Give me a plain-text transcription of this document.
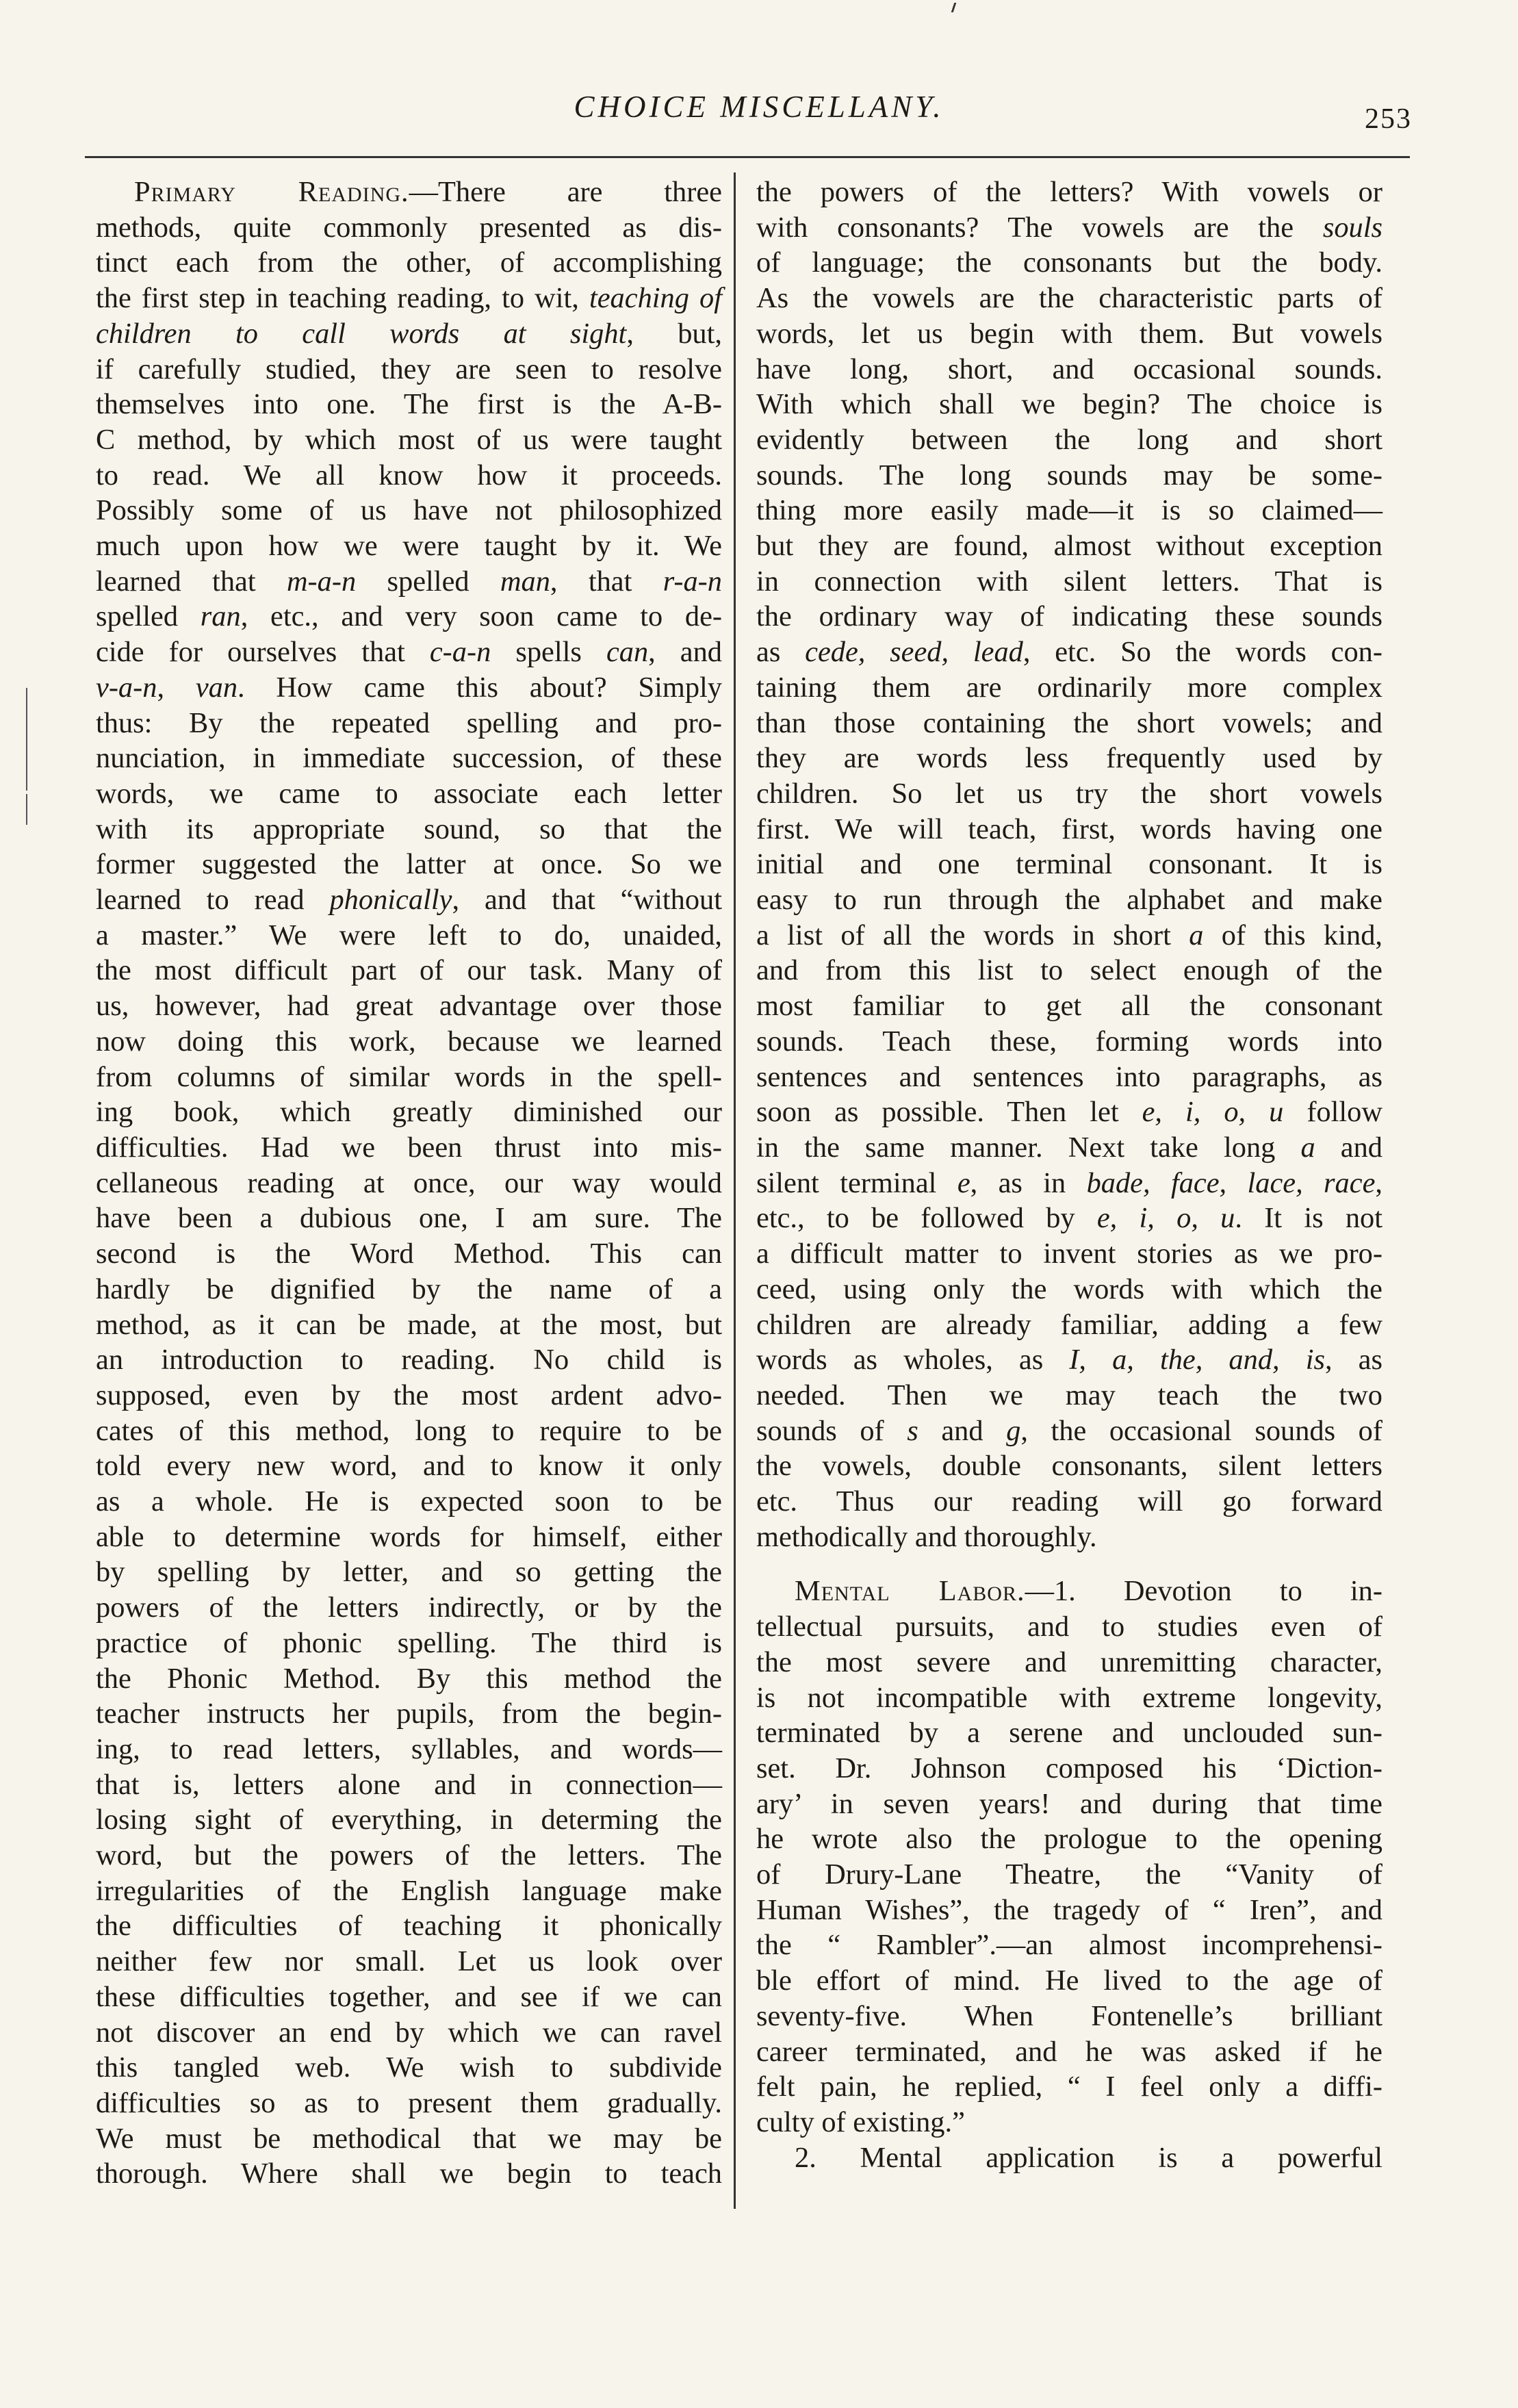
CHOICE MISCELLANY.	253

Primary Reading.—There are three

methods, quite commonly presented as dis-

tinct each from the other, of accomplishing

the first step in teaching reading, to wit, teaching of children to call words at sight, but,

if carefully studied, they are seen to resolve

themselves into one. The first is the A-B-

C method, by which most of us were taught

to read. We all know how it proceeds.

Possibly some of us have not philosophized

much upon how we were taught by it. We

learned that m-a-n spelled man, that r-a-n

spelled ran, etc., and very soon came to de-

cide for ourselves that c-a-n spells can, and

v-a-n, van. How came this about? Simply

thus: By the repeated spelling and pro-

nunciation, in immediate succession, of these

words, we came to associate each letter

with its appropriate sound, so that the

former suggested the latter at once. So we

learned to read phonically, and that “without

a master.” We were left to do, unaided,

the most difficult part of our task. Many of

us, however, had great advantage over those

now doing this work, because we learned

from columns of similar words in the spell-

ing book, which greatly diminished our

difficulties. Had we been thrust into mis-

cellaneous reading at once, our way would

have been a dubious one, I am sure. The

second is the Word Method. This can

hardly be dignified by the name of a

method, as it can be made, at the most, but

an introduction to reading. No child is

supposed, even by the most ardent advo-

cates of this method, long to require to be

told every new word, and to know it only

as a whole. He is expected soon to be

able to determine words for himself, either

by spelling by letter, and so getting the

powers of the letters indirectly, or by the

practice of phonic spelling. The third is

the Phonic Method. By this method the

teacher instructs her pupils, from the begin-

ing, to read letters, syllables, and words—

that is, letters alone and in connection—

losing sight of everything, in determing the

word, but the powers of the letters. The

irregularities of the English language make

the difficulties of teaching it phonically

neither few nor small. Let us look over

these difficulties together, and see if we can

not discover an end by which we can ravel

this tangled web. We wish to subdivide

difficulties so as to present them gradually.

We must be methodical that we may be

thorough. Where shall we begin to teach

the powers of the letters? With vowels or

with consonants? The vowels are the souls

of language; the consonants but the body.

As the vowels are the characteristic parts of

words, let us begin with them. But vowels

have long, short, and occasional sounds.

With which shall we begin? The choice is

evidently between the long and short

sounds. The long sounds may be some-

thing more easily made—it is so claimed—

but they are found, almost without exception

in connection with silent letters. That is

the ordinary way of indicating these sounds

as cede, seed, lead, etc. So the words con-

taining them are ordinarily more complex

than those containing the short vowels; and

they are words less frequently used by

children. So let us try the short vowels

first. We will teach, first, words having one

initial and one terminal consonant. It is

easy to run through the alphabet and make

a list of all the words in short a of this kind,

and from this list to select enough of the

most familiar to get all the consonant

sounds. Teach these, forming words into

sentences and sentences into paragraphs, as

soon as possible. Then let e, i, o, u follow

in the same manner. Next take long a and

silent terminal e, as in bade, face, lace, race,

etc., to be followed by e, i, o, u. It is not

a difficult matter to invent stories as we pro-

ceed, using only the words with which the

children are already familiar, adding a few

words as wholes, as I, a, the, and, is, as

needed. Then we may teach the two

sounds of s and g, the occasional sounds of

the vowels, double consonants, silent letters

etc. Thus our reading will go forward

methodically and thoroughly.

Mental Labor.—1. Devotion to in-

tellectual pursuits, and to studies even of

the most severe and unremitting character,

is not incompatible with extreme longevity,

terminated by a serene and unclouded sun-

set. Dr. Johnson composed his ‘Diction-

ary’ in seven years! and during that time

he wrote also the prologue to the opening

of Drury-Lane Theatre, the “Vanity of

Human Wishes”, the tragedy of “ Iren”, and

the “ Rambler”.—an almost incomprehensi-

ble effort of mind. He lived to the age of

seventy-five. When Fontenelle’s brilliant

career terminated, and he was asked if he

felt pain, he replied, “ I feel only a diffi-

culty of existing.”

2. Mental application is a powerful
